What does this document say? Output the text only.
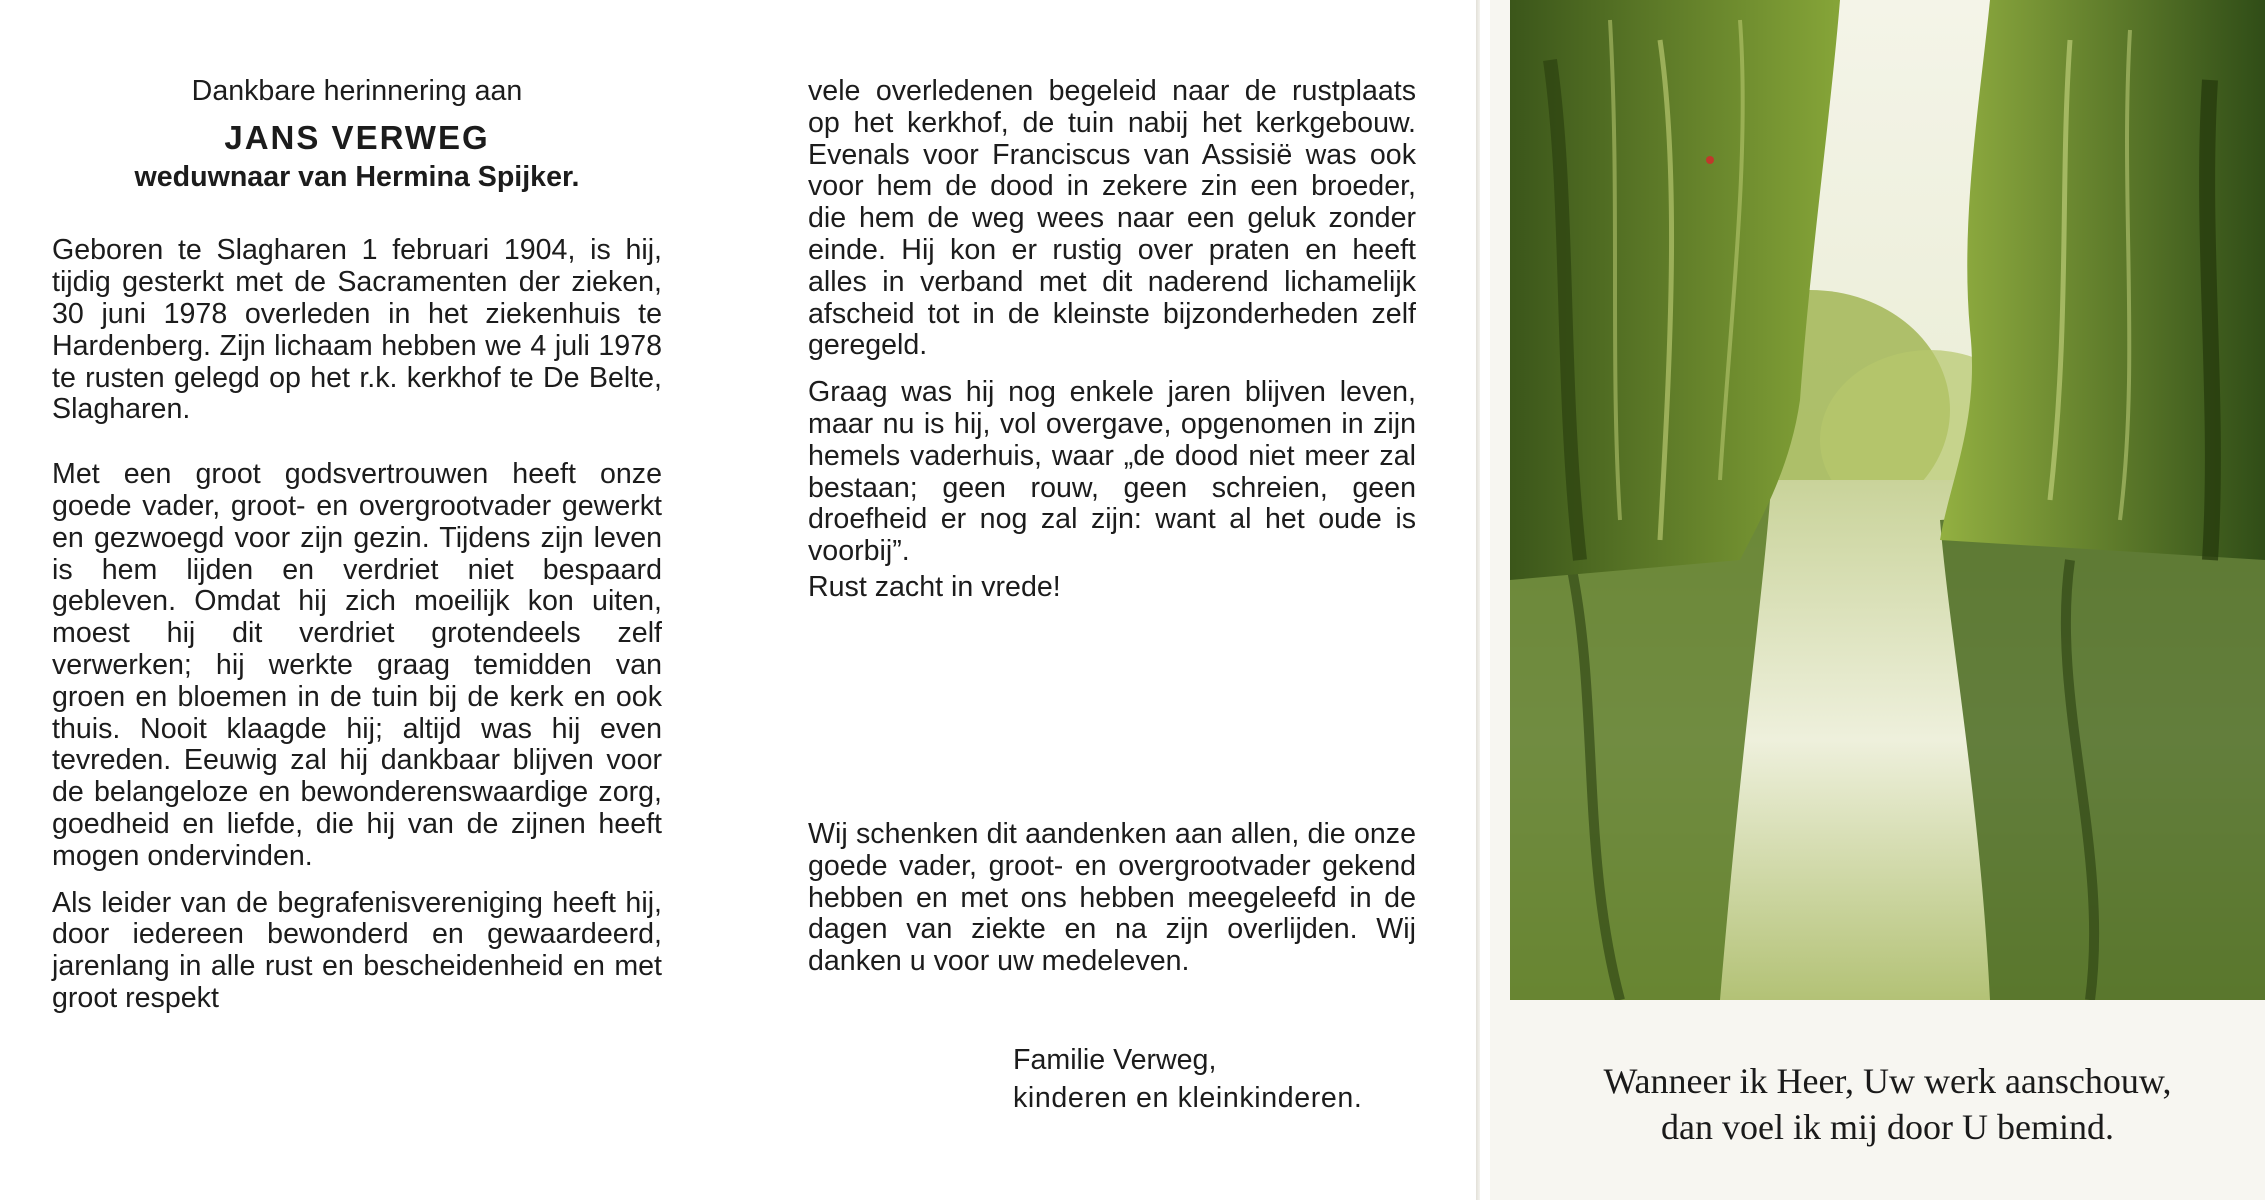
Dankbare herinnering aan

JANS VERWEG

weduwnaar van Hermina Spijker.

Geboren te Slagharen 1 februari 1904, is hij, tijdig gesterkt met de Sacramenten der zieken, 30 juni 1978 overleden in het ziekenhuis te Hardenberg. Zijn lichaam hebben we 4 juli 1978 te rusten gelegd op het r.k. kerkhof te De Belte, Slagharen.

Met een groot godsvertrouwen heeft onze goede vader, groot- en overgrootvader gewerkt en gezwoegd voor zijn gezin. Tijdens zijn leven is hem lijden en verdriet niet bespaard gebleven. Omdat hij zich moeilijk kon uiten, moest hij dit verdriet grotendeels zelf verwerken; hij werkte graag temidden van groen en bloemen in de tuin bij de kerk en ook thuis. Nooit klaagde hij; altijd was hij even tevreden. Eeuwig zal hij dankbaar blijven voor de belangeloze en bewonderenswaardige zorg, goedheid en liefde, die hij van de zijnen heeft mogen ondervinden.

Als leider van de begrafenisvereniging heeft hij, door iedereen bewonderd en gewaardeerd, jarenlang in alle rust en bescheidenheid en met groot respekt

vele overledenen begeleid naar de rustplaats op het kerkhof, de tuin nabij het kerkgebouw. Evenals voor Franciscus van Assisië was ook voor hem de dood in zekere zin een broeder, die hem de weg wees naar een geluk zonder einde. Hij kon er rustig over praten en heeft alles in verband met dit naderend lichamelijk afscheid tot in de kleinste bijzonderheden zelf geregeld.

Graag was hij nog enkele jaren blijven leven, maar nu is hij, vol overgave, opgenomen in zijn hemels vaderhuis, waar „de dood niet meer zal bestaan; geen rouw, geen schreien, geen droefheid er nog zal zijn: want al het oude is voorbij”.

Rust zacht in vrede!

Wij schenken dit aandenken aan allen, die onze goede vader, groot- en overgrootvader gekend hebben en met ons hebben meegeleefd in de dagen van ziekte en na zijn overlijden. Wij danken u voor uw medeleven.

Familie Verweg,
kinderen en kleinkinderen.	Wanneer ik Heer, Uw werk aanschouw,
dan voel ik mij door U bemind.
